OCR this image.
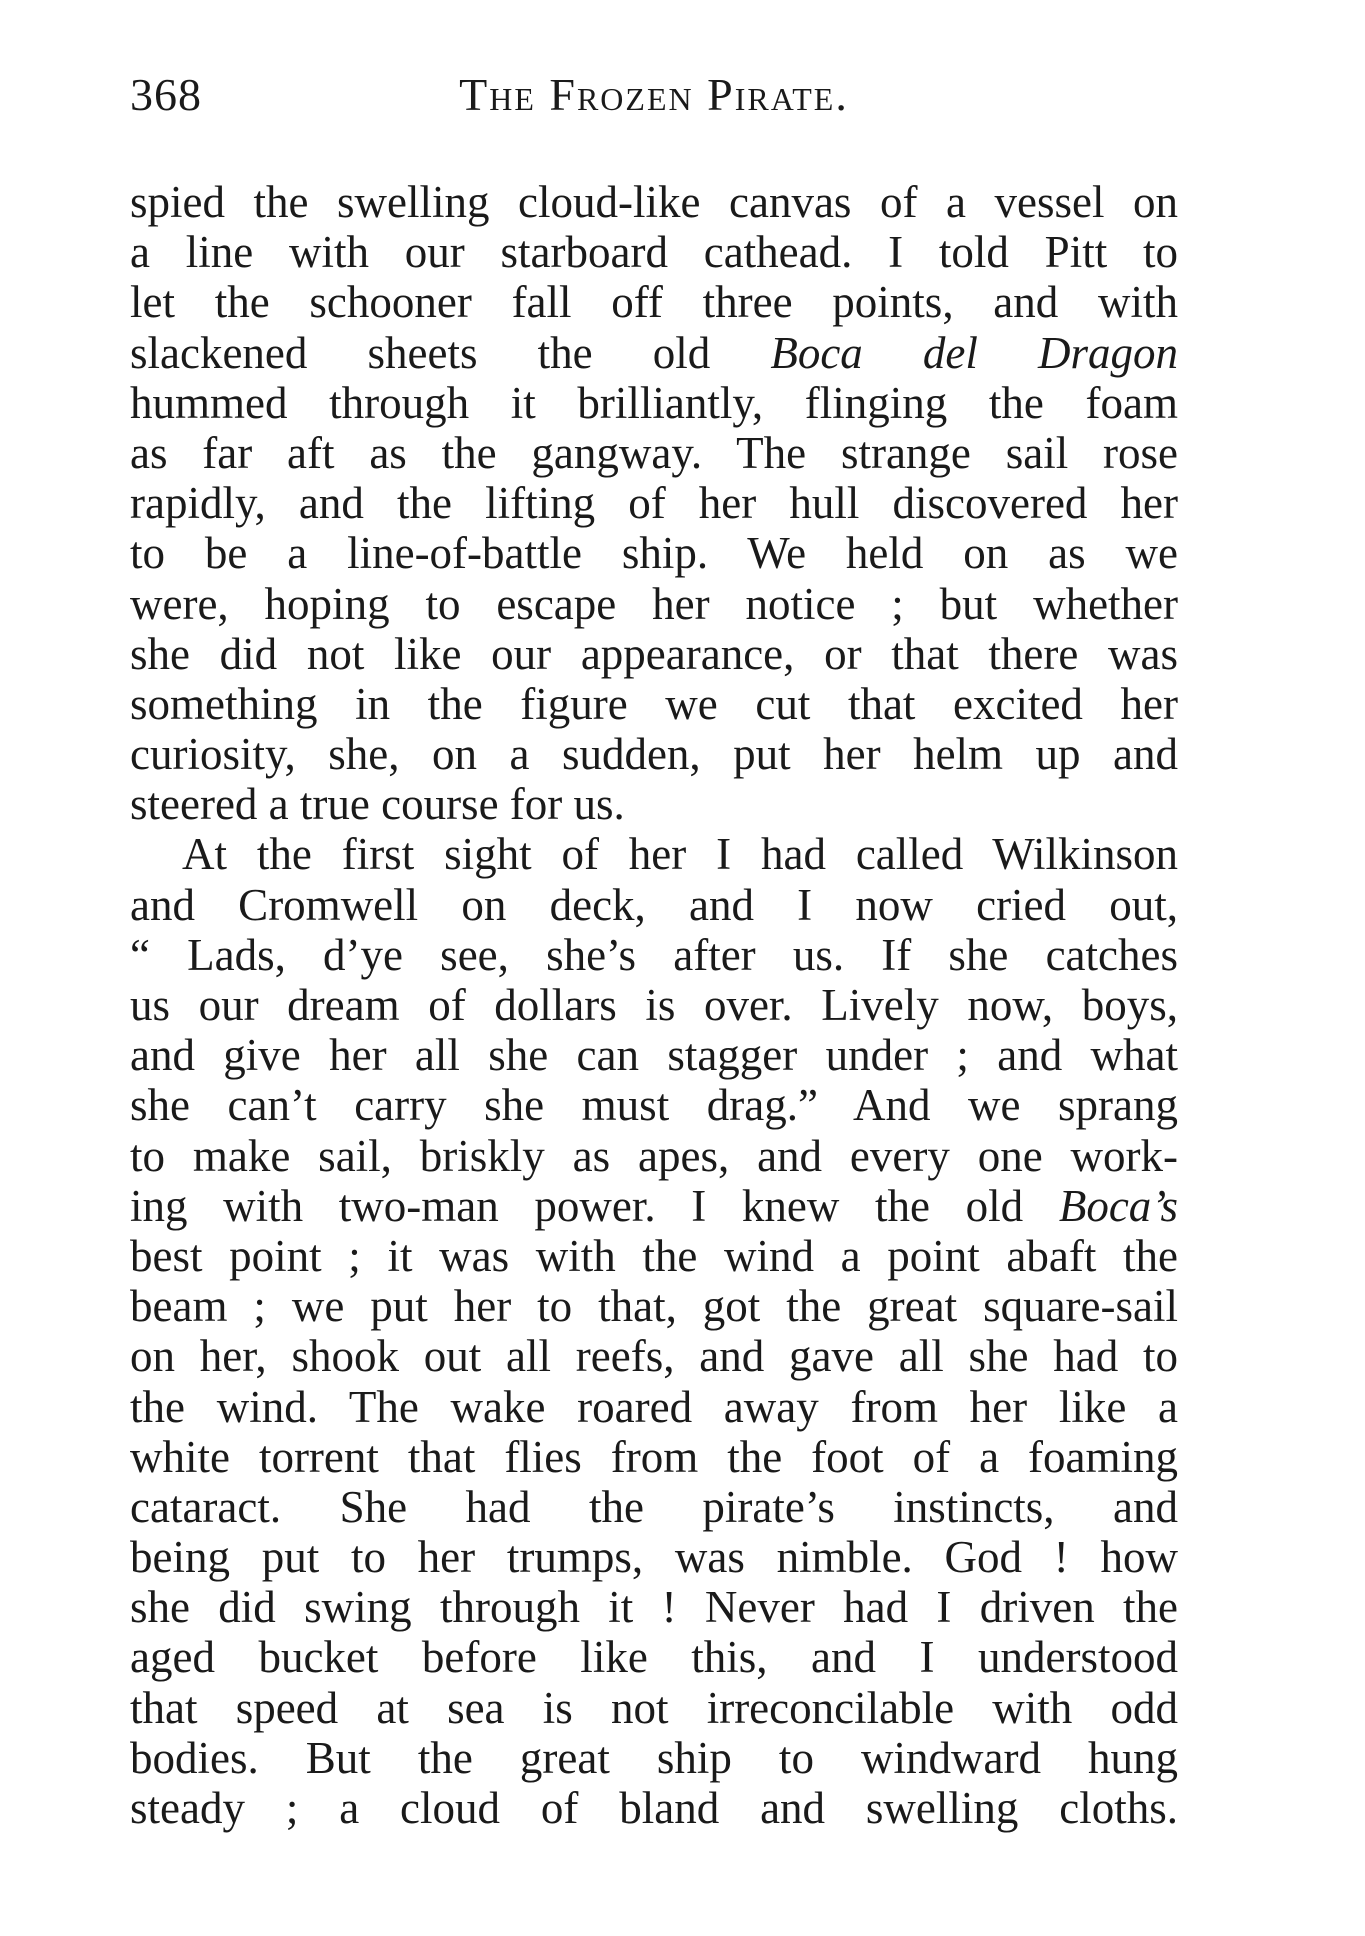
368	The Frozen Pirate.
spied the swelling cloud-like canvas of a vessel on
a line with our starboard cathead. I told Pitt to
let the schooner fall off three points, and with
slackened sheets the old Boca del Dragon
hummed through it brilliantly, flinging the foam
as far aft as the gangway. The strange sail rose
rapidly, and the lifting of her hull discovered her
to be a line-of-battle ship. We held on as we
were, hoping to escape her notice ; but whether
she did not like our appearance, or that there was
something in the figure we cut that excited her
curiosity, she, on a sudden, put her helm up and
steered a true course for us.
At the first sight of her I had called Wilkinson
and Cromwell on deck, and I now cried out,
“ Lads, d’ye see, she’s after us. If she catches
us our dream of dollars is over. Lively now, boys,
and give her all she can stagger under ; and what
she can’t carry she must drag.” And we sprang
to make sail, briskly as apes, and every one work-
ing with two-man power. I knew the old Boca’s
best point ; it was with the wind a point abaft the
beam ; we put her to that, got the great square-sail
on her, shook out all reefs, and gave all she had to
the wind. The wake roared away from her like a
white torrent that flies from the foot of a foaming
cataract. She had the pirate’s instincts, and
being put to her trumps, was nimble. God ! how
she did swing through it ! Never had I driven the
aged bucket before like this, and I understood
that speed at sea is not irreconcilable with odd
bodies. But the great ship to windward hung
steady ; a cloud of bland and swelling cloths.
